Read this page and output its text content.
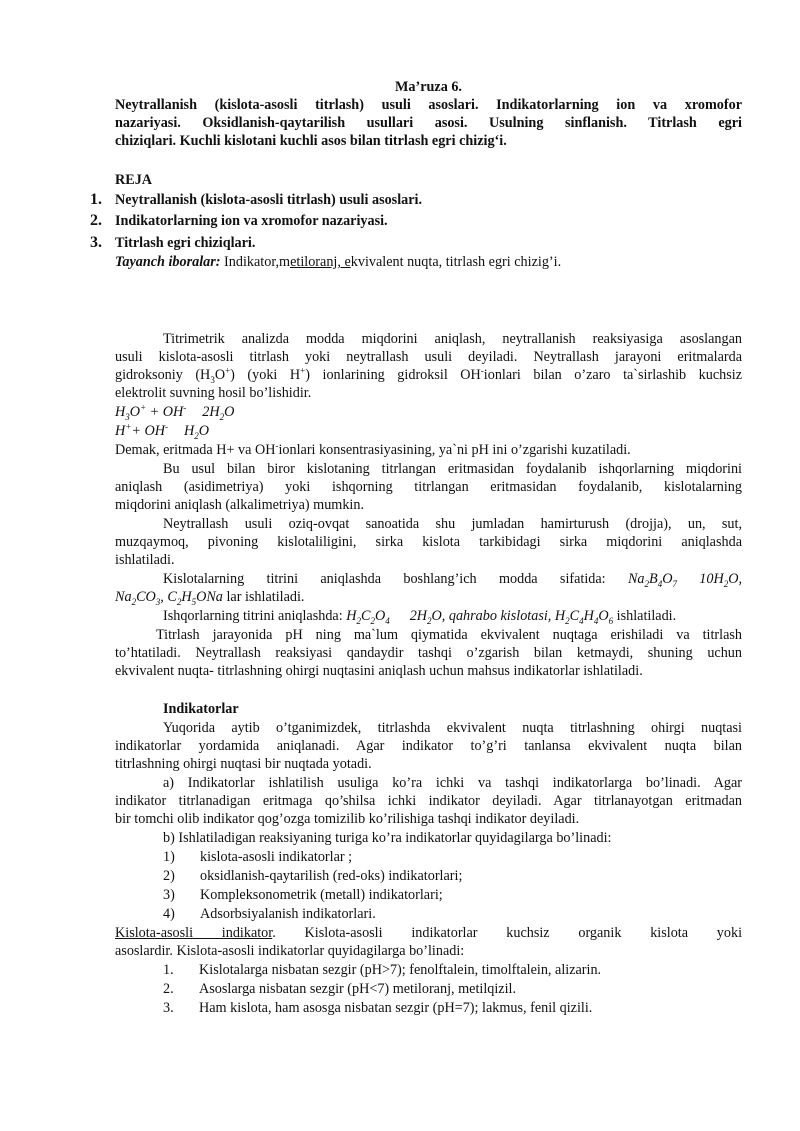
Ma’ruza 6.
Neytrallanish (kislota-asosli titrlash) usuli asoslari. Indikatorlarning ion va xromofor
nazariyasi. Oksidlanish-qaytarilish usullari asosi. Usulning sinflanish. Titrlash egri
chiziqlari. Kuchli kislotani kuchli asos bilan titrlash egri chizig‘i.
REJA
1. Neytrallanish (kislota-asosli titrlash) usuli asoslari.
2. Indikatorlarning ion va xromofor nazariyasi.
3. Titrlash egri chiziqlari.
Tayanch iboralar: Indikator,metiloranj, ekvivalent nuqta, titrlash egri chizig’i.
Titrimetrik analizda modda miqdorini aniqlash, neytrallanish reaksiyasiga asoslangan
usuli kislota-asosli titrlash yoki neytrallash usuli deyiladi. Neytrallash jarayoni eritmalarda
gidroksoniy $(H_3O^+)$ (yoki H+) ionlarining gidroksil OH-ionlari bilan o’zaro ta`sirlashib kuchsiz
elektrolit suvning hosil bo’lishidir.
$H_3O^+ + OH^-$ $2H_2O$
H++ OH- $H_2O$
Demak, eritmada H+ va OH-ionlari konsentrasiyasining, ya`ni pH ini o’zgarishi kuzatiladi.
Bu usul bilan biror kislotaning titrlangan eritmasidan foydalanib ishqorlarning miqdorini
aniqlash (asidimetriya) yoki ishqorning titrlangan eritmasidan foydalanib, kislotalarning
miqdorini aniqlash (alkalimetriya) mumkin.
Neytrallash usuli oziq-ovqat sanoatida shu jumladan hamirturush (drojja), un, sut,
muzqaymoq, pivoning kislotaliligini, sirka kislota tarkibidagi sirka miqdorini aniqlashda
ishlatiladi.
Kislotalarning titrini aniqlashda boshlang’ich modda sifatida: $Na_2B_4O_7$ $10H_2O$,
$Na_2CO_3$, $C_2H_5ONa$ lar ishlatiladi.
Ishqorlarning titrini aniqlashda: $H_2C_2O_4$ $2H_2O$, qahrabo kislotasi, $H_2C_4H_4O_6$ ishlatiladi.
Titrlash jarayonida pH ning ma`lum qiymatida ekvivalent nuqtaga erishiladi va titrlash
to’htatiladi. Neytrallash reaksiyasi qandaydir tashqi o’zgarish bilan ketmaydi, shuning uchun
ekvivalent nuqta- titrlashning ohirgi nuqtasini aniqlash uchun mahsus indikatorlar ishlatiladi.
Indikatorlar
Yuqorida aytib o’tganimizdek, titrlashda ekvivalent nuqta titrlashning ohirgi nuqtasi
indikatorlar yordamida aniqlanadi. Agar indikator to’g’ri tanlansa ekvivalent nuqta bilan
titrlashning ohirgi nuqtasi bir nuqtada yotadi.
a) Indikatorlar ishlatilish usuliga ko’ra ichki va tashqi indikatorlarga bo’linadi. Agar
indikator titrlanadigan eritmaga qo’shilsa ichki indikator deyiladi. Agar titrlanayotgan eritmadan
bir tomchi olib indikator qog’ozga tomizilib ko’rilishiga tashqi indikator deyiladi.
b) Ishlatiladigan reaksiyaning turiga ko’ra indikatorlar quyidagilarga bo’linadi:
1) kislota-asosli indikatorlar ;
2) oksidlanish-qaytarilish (red-oks) indikatorlari;
3) Kompleksonometrik (metall) indikatorlari;
4) Adsorbsiyalanish indikatorlari.
Kislota-asosli indikator. Kislota-asosli indikatorlar kuchsiz organik kislota yoki
asoslardir. Kislota-asosli indikatorlar quyidagilarga bo’linadi:
1. Kislotalarga nisbatan sezgir (pH>7); fenolftalein, timolftalein, alizarin.
2. Asoslarga nisbatan sezgir (pH<7) metiloranj, metilqizil.
3. Ham kislota, ham asosga nisbatan sezgir (pH=7); lakmus, fenil qizili.
